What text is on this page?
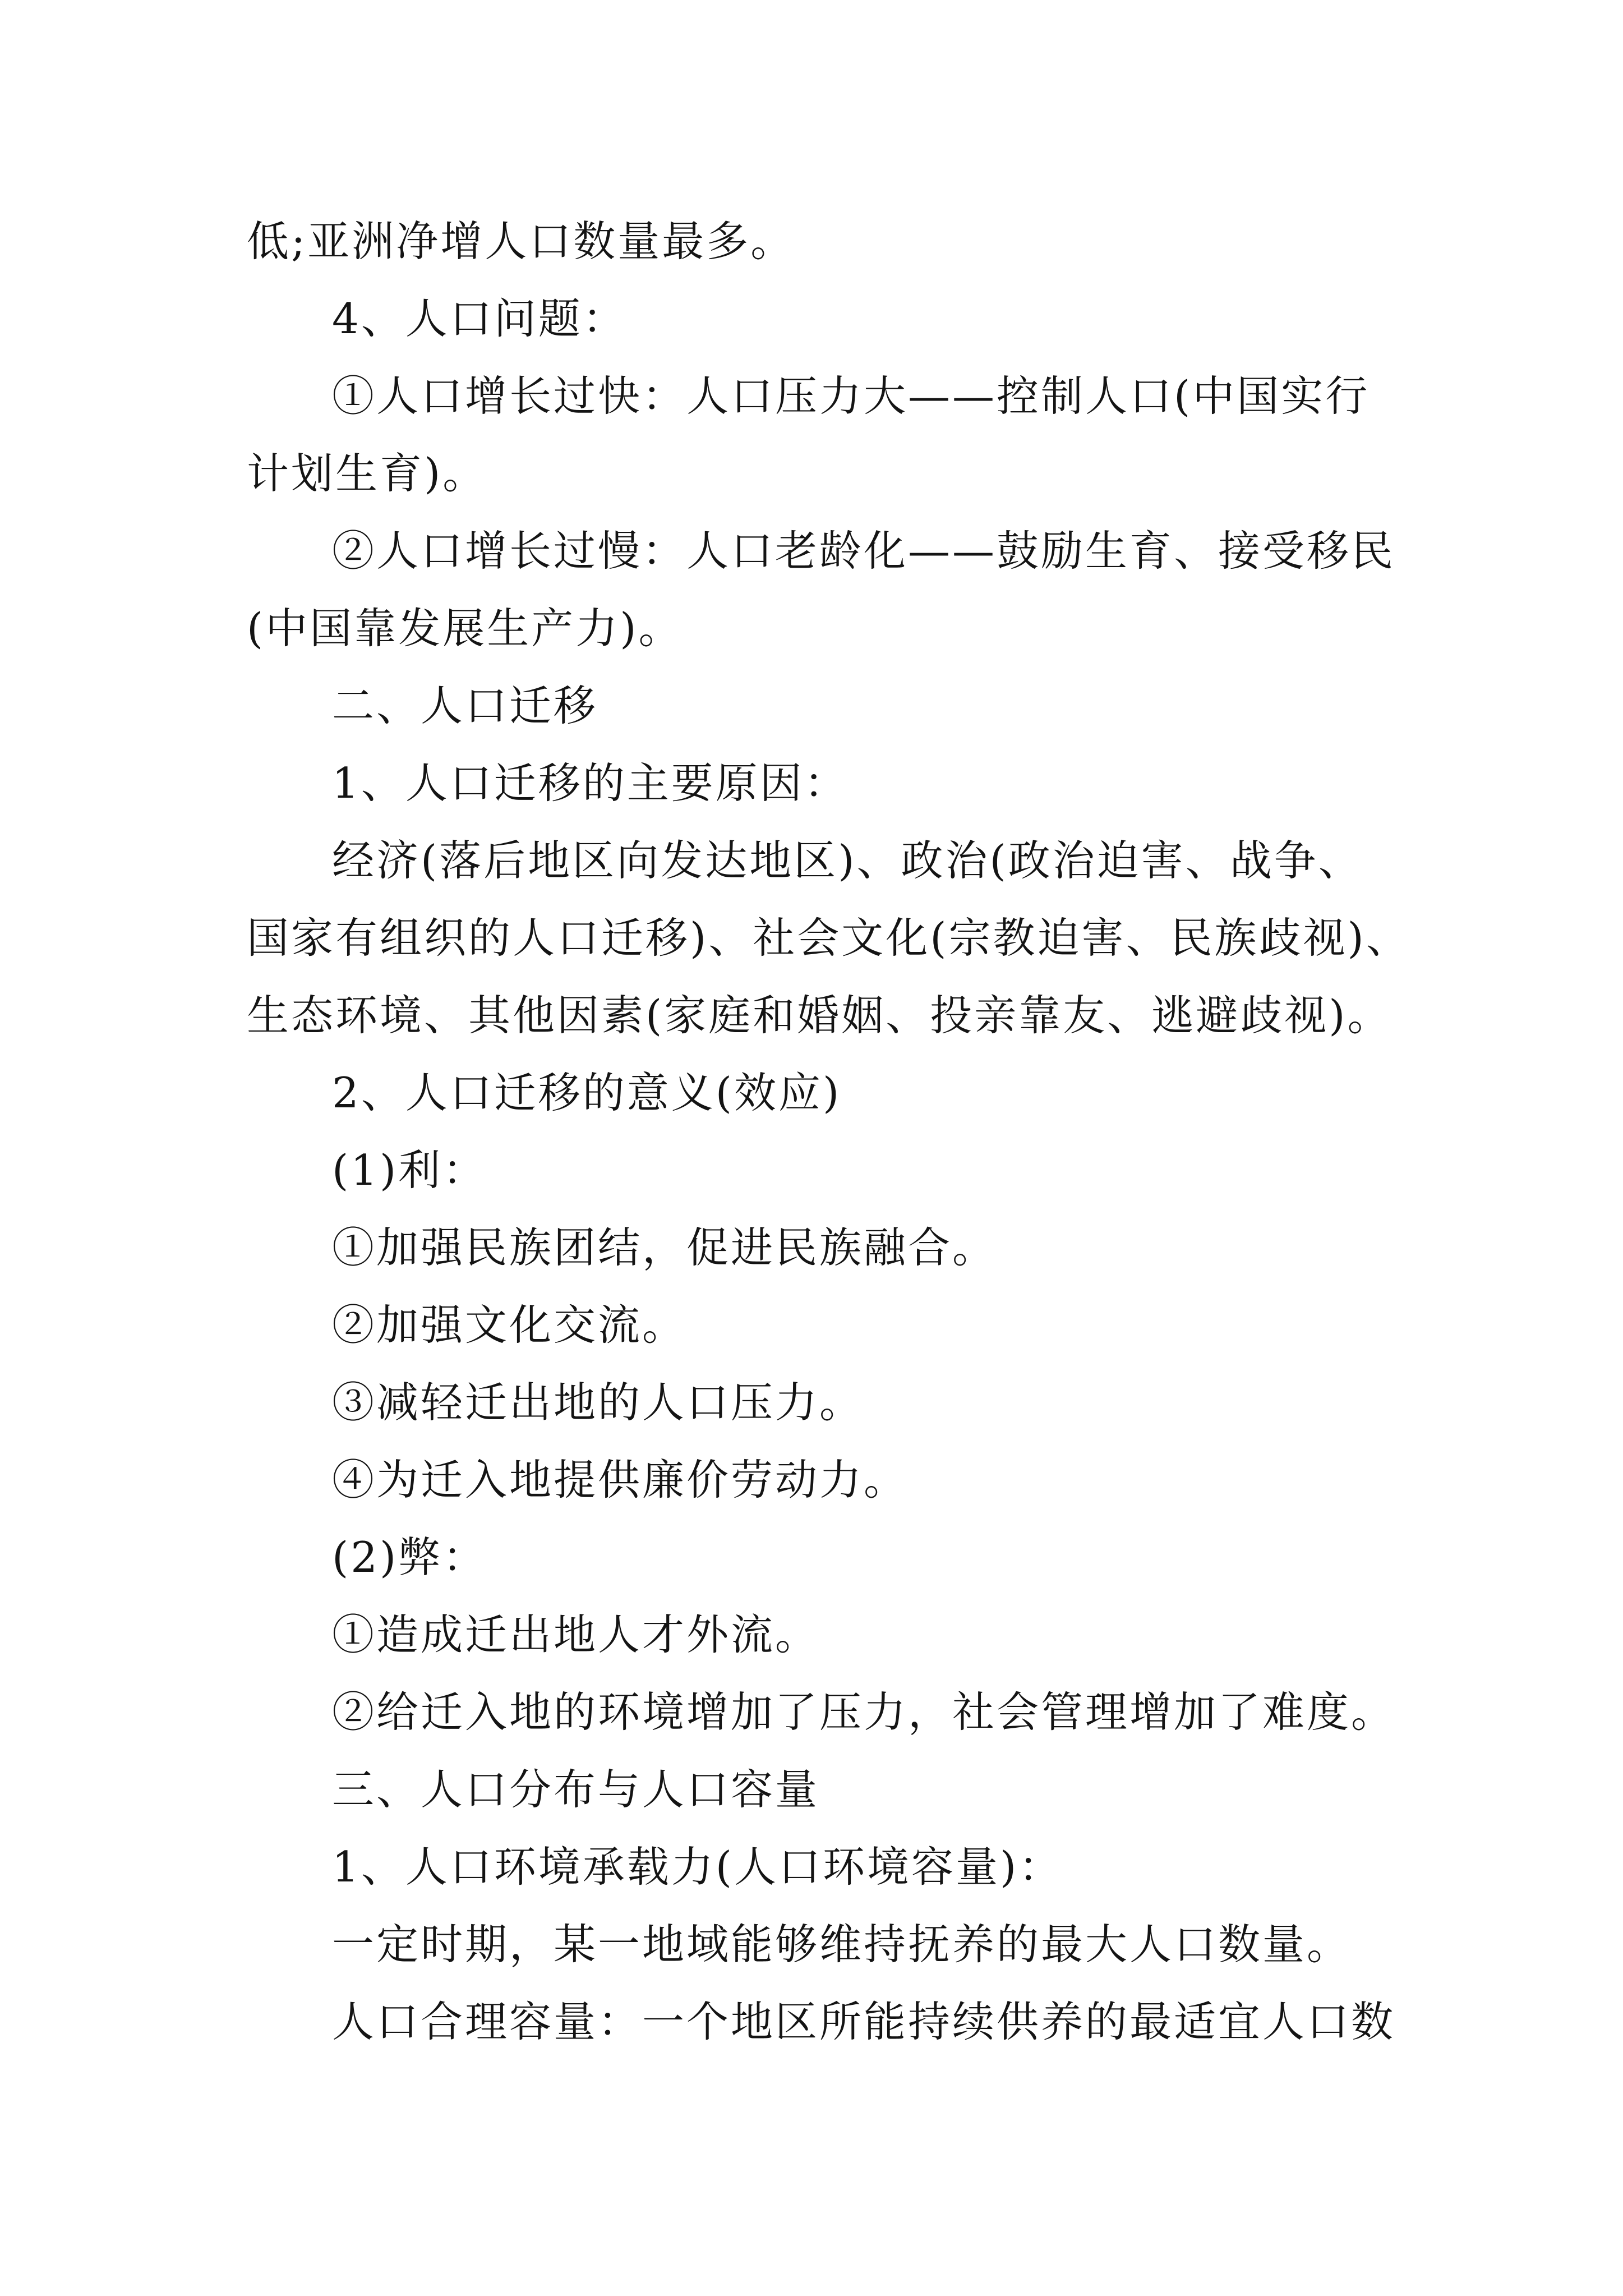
低;亚洲净增人口数量最多。
4、人口问题：
①人口增长过快：人口压力大——控制人口(中国实行
计划生育)。
②人口增长过慢：人口老龄化——鼓励生育、接受移民
(中国靠发展生产力)。
二、人口迁移
1、人口迁移的主要原因：
经济(落后地区向发达地区)、政治(政治迫害、战争、
国家有组织的人口迁移)、社会文化(宗教迫害、民族歧视)、
生态环境、其他因素(家庭和婚姻、投亲靠友、逃避歧视)。
2、人口迁移的意义(效应)
(1)利：
①加强民族团结，促进民族融合。
②加强文化交流。
③减轻迁出地的人口压力。
④为迁入地提供廉价劳动力。
(2)弊：
①造成迁出地人才外流。
②给迁入地的环境增加了压力，社会管理增加了难度。
三、人口分布与人口容量
1、人口环境承载力(人口环境容量)：
一定时期，某一地域能够维持抚养的最大人口数量。
人口合理容量：一个地区所能持续供养的最适宜人口数
